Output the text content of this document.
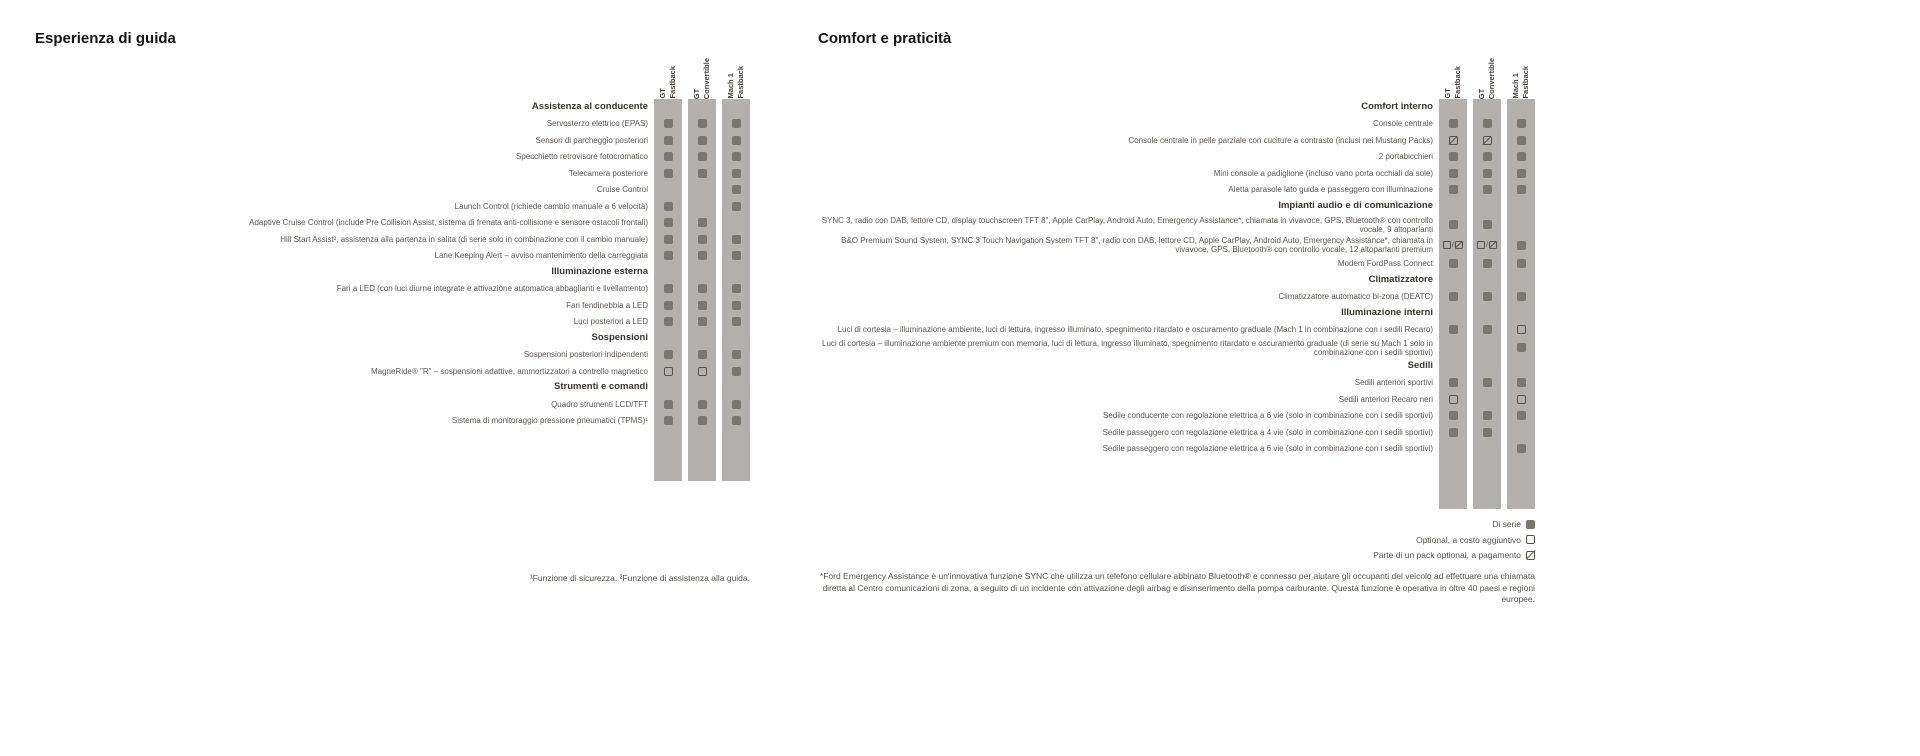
Esperienza di guida
GT Fastback GT Convertible Mach 1 Fastback
Assistenza al conducente
Servosterzo elettrico (EPAS)
Sensori di parcheggio posteriori
Specchietto retrovisore fotocromatico
Telecamera posteriore
Cruise Control
Launch Control (richiede cambio manuale a 6 velocità)
Adaptive Cruise Control (include Pre Collision Assist, sistema di frenata anti-collisione e sensore ostacoli frontali)
Hill Start Assist², assistenza alla partenza in salita (di serie solo in combinazione con il cambio manuale)
Lane Keeping Alert – avviso mantenimento della carreggiata
Illuminazione esterna
Fari a LED (con luci diurne integrate e attivazione automatica abbaglianti e livellamento)
Fari fendinebbia a LED
Luci posteriori a LED
Sospensioni
Sospensioni posteriori indipendenti
MagneRide® "R" – sospensioni adattive, ammortizzatori a controllo magnetico
Strumenti e comandi
Quadro strumenti LCD/TFT
Sistema di monitoraggio pressione pneumatici (TPMS)¹
Comfort e praticità
GT Fastback GT Convertible Mach 1 Fastback
Comfort interno
Console centrale
Console centrale in pelle parziale con cuciture a contrasto (inclusi nei Mustang Packs)
2 portabicchieri
Mini console a padiglione (incluso vano porta occhiali da sole)
Aletta parasole lato guida e passeggero con illuminazione
Impianti audio e di comunicazione
SYNC 3, radio con DAB, lettore CD, display touchscreen TFT 8", Apple CarPlay, Android Auto, Emergency Assistance*, chiamata in vivavoce, GPS, Bluetooth® con controllo vocale, 9 altoparlanti
B&O Premium Sound System, SYNC 3 Touch Navigation System TFT 8", radio con DAB, lettore CD, Apple CarPlay, Android Auto, Emergency Assistance*, chiamata in vivavoce, GPS, Bluetooth® con controllo vocale, 12 altoparlanti premium	/	/
Modem FordPass Connect
Climatizzatore
Climatizzatore automatico bi-zona (DEATC)
Illuminazione interni
Luci di cortesia – illuminazione ambiente, luci di lettura, ingresso illuminato, spegnimento ritardato e oscuramento graduale (Mach 1 in combinazione con i sedili Recaro)
Luci di cortesia – illuminazione ambiente premium con memoria, luci di lettura, ingresso illuminato, spegnimento ritardato e oscuramento graduale (di serie su Mach 1 solo in combinazione con i sedili sportivi)
Sedili
Sedili anteriori sportivi
Sedili anteriori Recaro neri
Sedile conducente con regolazione elettrica a 6 vie (solo in combinazione con i sedili sportivi)
Sedile passeggero con regolazione elettrica a 4 vie (solo in combinazione con i sedili sportivi)
Sedile passeggero con regolazione elettrica a 6 vie (solo in combinazione con i sedili sportivi)
Di serie
Optional, a costo aggiuntivo
Parte di un pack optional, a pagamento
*Ford Emergency Assistance è un'innovativa funzione SYNC che utilizza un telefono cellulare abbinato Bluetooth® e connesso per aiutare gli occupanti del veicolo ad effettuare una chiamata diretta al Centro comunicazioni di zona, a seguito di un incidente con attivazione degli airbag e disinserimento della pompa carburante. Questa funzione è operativa in oltre 40 paesi e regioni europee.
¹Funzione di sicurezza. ²Funzione di assistenza alla guida.
